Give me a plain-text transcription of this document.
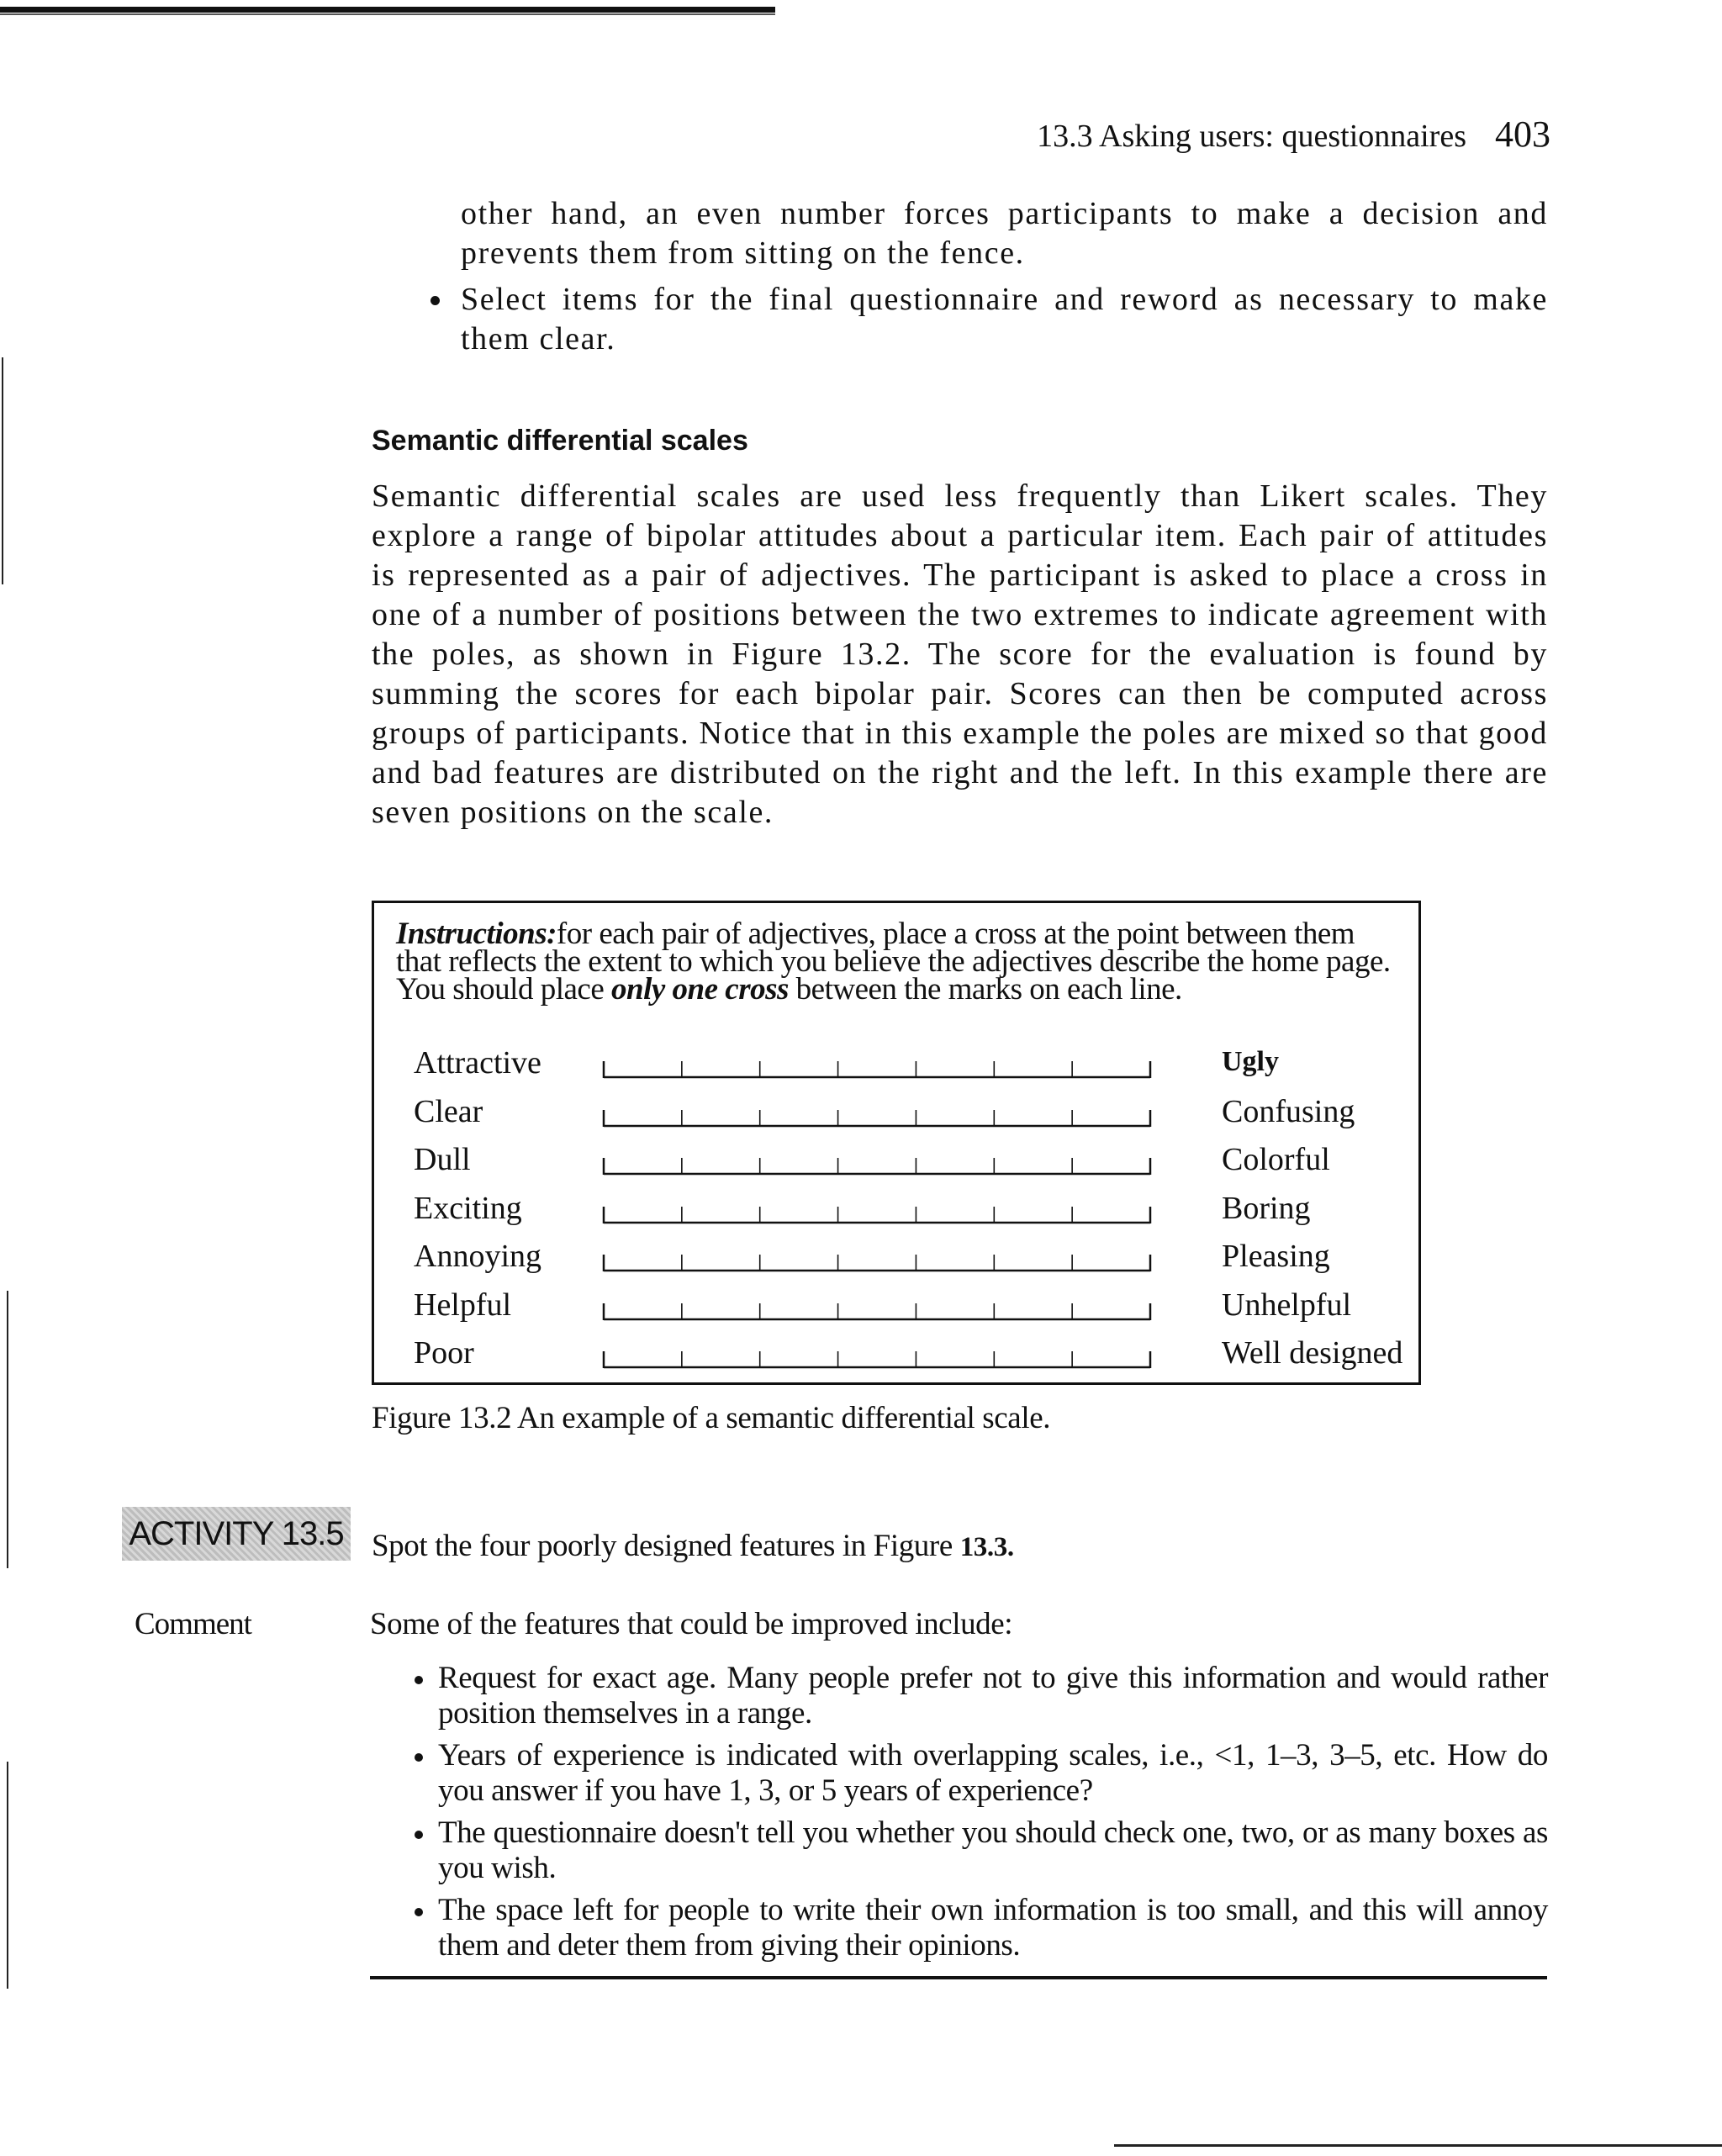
13.3 Asking users: questionnaires 403
other hand, an even number forces participants to make a decision and prevents them from sitting on the fence.
Select items for the final questionnaire and reword as necessary to make them clear.
Semantic differential scales
Semantic differential scales are used less frequently than Likert scales. They explore a range of bipolar attitudes about a particular item. Each pair of attitudes is represented as a pair of adjectives. The participant is asked to place a cross in one of a number of positions between the two extremes to indicate agreement with the poles, as shown in Figure 13.2. The score for the evaluation is found by summing the scores for each bipolar pair. Scores can then be computed across groups of participants. Notice that in this example the poles are mixed so that good and bad features are distributed on the right and the left. In this example there are seven positions on the scale.
Instructions:for each pair of adjectives, place a cross at the point between them that reflects the extent to which you believe the adjectives describe the home page. You should place only one cross between the marks on each line.
Attractive	Ugly
Clear	Confusing
Dull	Colorful
Exciting	Boring
Annoying	Pleasing
Helpful	Unhelpful
Poor	Well designed
Figure 13.2 An example of a semantic differential scale.
ACTIVITY 13.5 Spot the four poorly designed features in Figure 13.3.
Comment	Some of the features that could be improved include:
Request for exact age. Many people prefer not to give this information and would rather position themselves in a range.
Years of experience is indicated with overlapping scales, i.e., <1, 1–3, 3–5, etc. How do you answer if you have 1, 3, or 5 years of experience?
The questionnaire doesn't tell you whether you should check one, two, or as many boxes as you wish.
The space left for people to write their own information is too small, and this will annoy them and deter them from giving their opinions.
